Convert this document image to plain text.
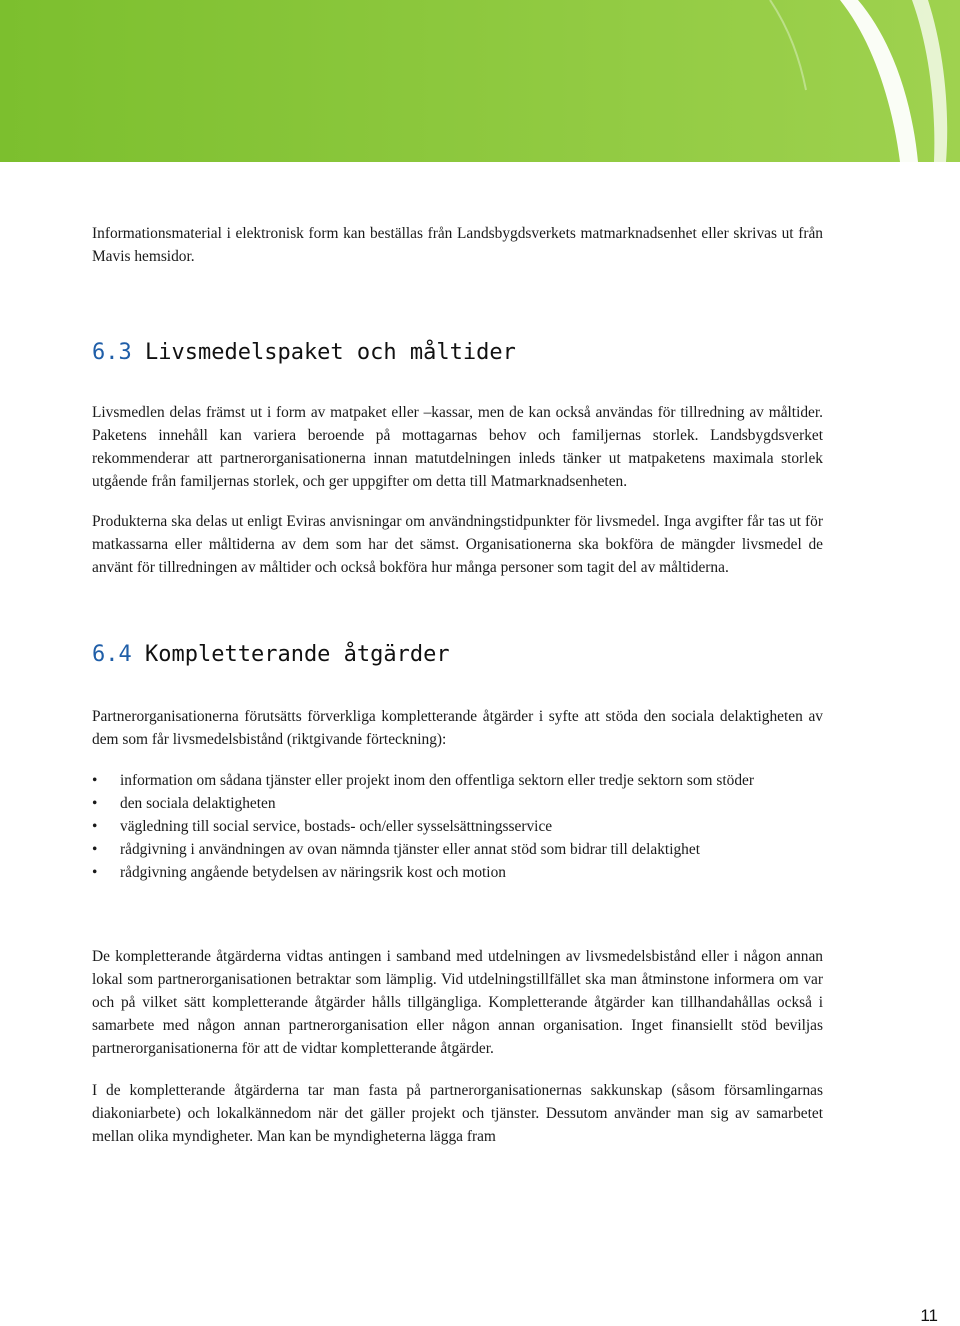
Informationsmaterial i elektronisk form kan beställas från Landsbygdsverkets matmarknadsenhet eller skrivas ut från Mavis hemsidor.

6.3 Livsmedelspaket och måltider

Livsmedlen delas främst ut i form av matpaket eller –kassar, men de kan också användas för tillredning av måltider. Paketens innehåll kan variera beroende på mottagarnas behov och familjernas storlek. Landsbygdsverket rekommenderar att partnerorganisationerna innan matutdelningen inleds tänker ut matpaketens maximala storlek utgående från familjernas storlek, och ger uppgifter om detta till Matmarknadsenheten.

Produkterna ska delas ut enligt Eviras anvisningar om användningstidpunkter för livsmedel. Inga avgifter får tas ut för matkassarna eller måltiderna av dem som har det sämst. Organisationerna ska bokföra de mängder livsmedel de använt för tillredningen av måltider och också bokföra hur många personer som tagit del av måltiderna.

6.4 Kompletterande åtgärder

Partnerorganisationerna förutsätts förverkliga kompletterande åtgärder i syfte att stöda den sociala delaktigheten av dem som får livsmedelsbistånd (riktgivande förteckning):

• information om sådana tjänster eller projekt inom den offentliga sektorn eller tredje sektorn som stöder
• den sociala delaktigheten
• vägledning till social service, bostads- och/eller sysselsättningsservice
• rådgivning i användningen av ovan nämnda tjänster eller annat stöd som bidrar till delaktighet
• rådgivning angående betydelsen av näringsrik kost och motion

De kompletterande åtgärderna vidtas antingen i samband med utdelningen av livsmedelsbistånd eller i någon annan lokal som partnerorganisationen betraktar som lämplig. Vid utdelningstillfället ska man åtminstone informera om var och på vilket sätt kompletterande åtgärder hålls tillgängliga. Kompletterande åtgärder kan tillhandahållas också i samarbete med någon annan partnerorganisation eller någon annan organisation. Inget finansiellt stöd beviljas partnerorganisationerna för att de vidtar kompletterande åtgärder.

I de kompletterande åtgärderna tar man fasta på partnerorganisationernas sakkunskap (såsom församlingarnas diakoniarbete) och lokalkännedom när det gäller projekt och tjänster. Dessutom använder man sig av samarbetet mellan olika myndigheter. Man kan be myndigheterna lägga fram

11
